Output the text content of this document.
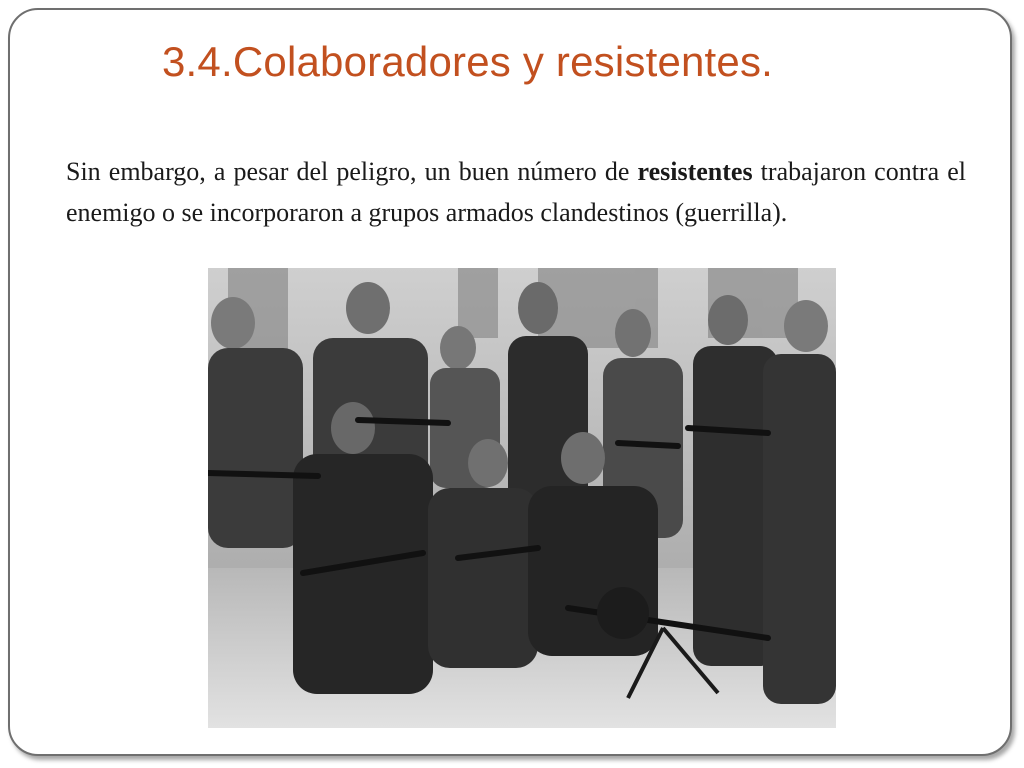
3.4.Colaboradores y resistentes.

Sin embargo, a pesar del peligro, un buen número de resistentes trabajaron contra el enemigo o se incorporaron a grupos armados clandestinos (guerrilla).
